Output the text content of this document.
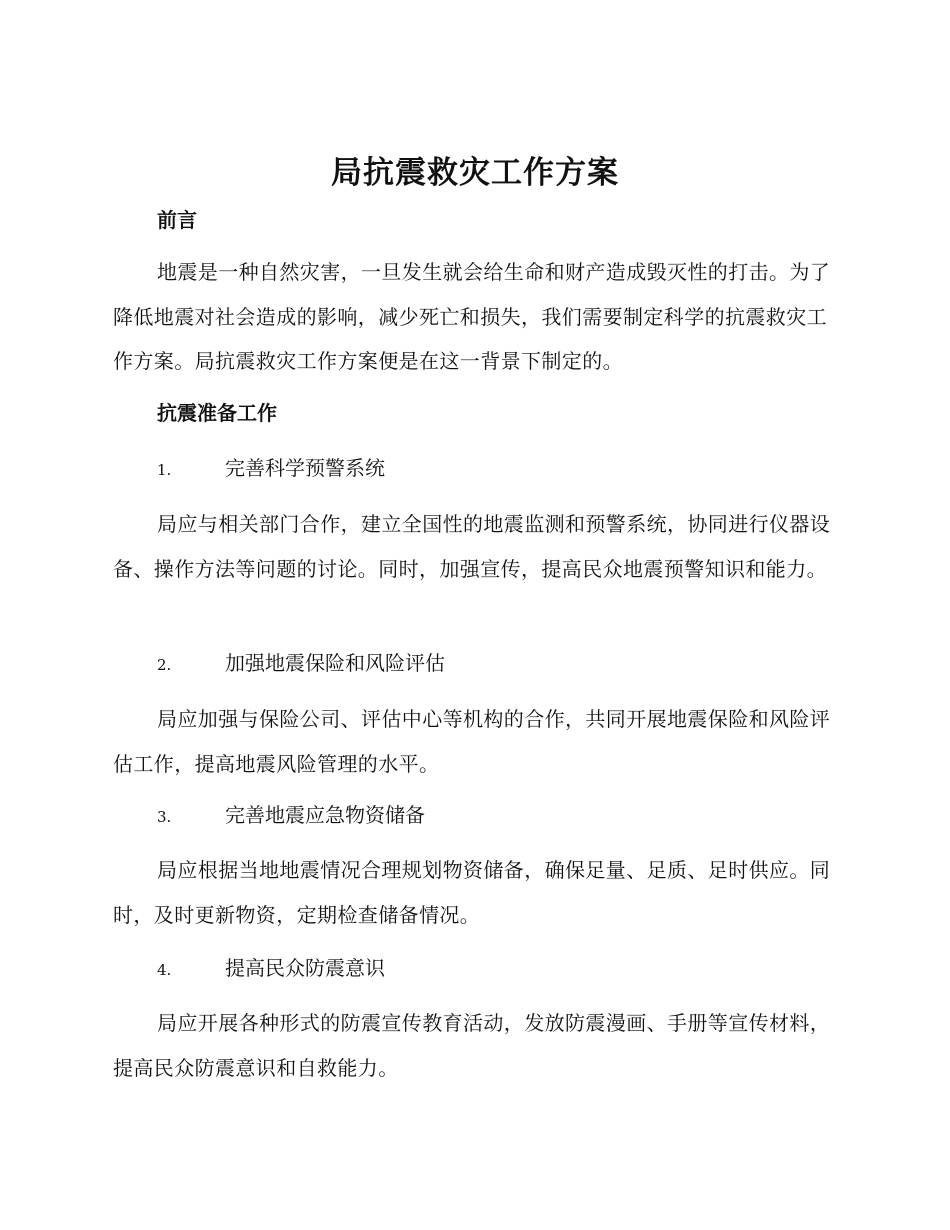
局抗震救灾工作方案
前言

地震是一种自然灾害，一旦发生就会给生命和财产造成毁灭性的打击。为了降低地震对社会造成的影响，减少死亡和损失，我们需要制定科学的抗震救灾工作方案。局抗震救灾工作方案便是在这一背景下制定的。

抗震准备工作
1.	完善科学预警系统

局应与相关部门合作，建立全国性的地震监测和预警系统，协同进行仪器设备、操作方法等问题的讨论。同时，加强宣传，提高民众地震预警知识和能力。

2.	加强地震保险和风险评估

局应加强与保险公司、评估中心等机构的合作，共同开展地震保险和风险评估工作，提高地震风险管理的水平。

3.	完善地震应急物资储备

局应根据当地地震情况合理规划物资储备，确保足量、足质、足时供应。同时，及时更新物资，定期检查储备情况。

4.	提高民众防震意识

局应开展各种形式的防震宣传教育活动，发放防震漫画、手册等宣传材料，提高民众防震意识和自救能力。
